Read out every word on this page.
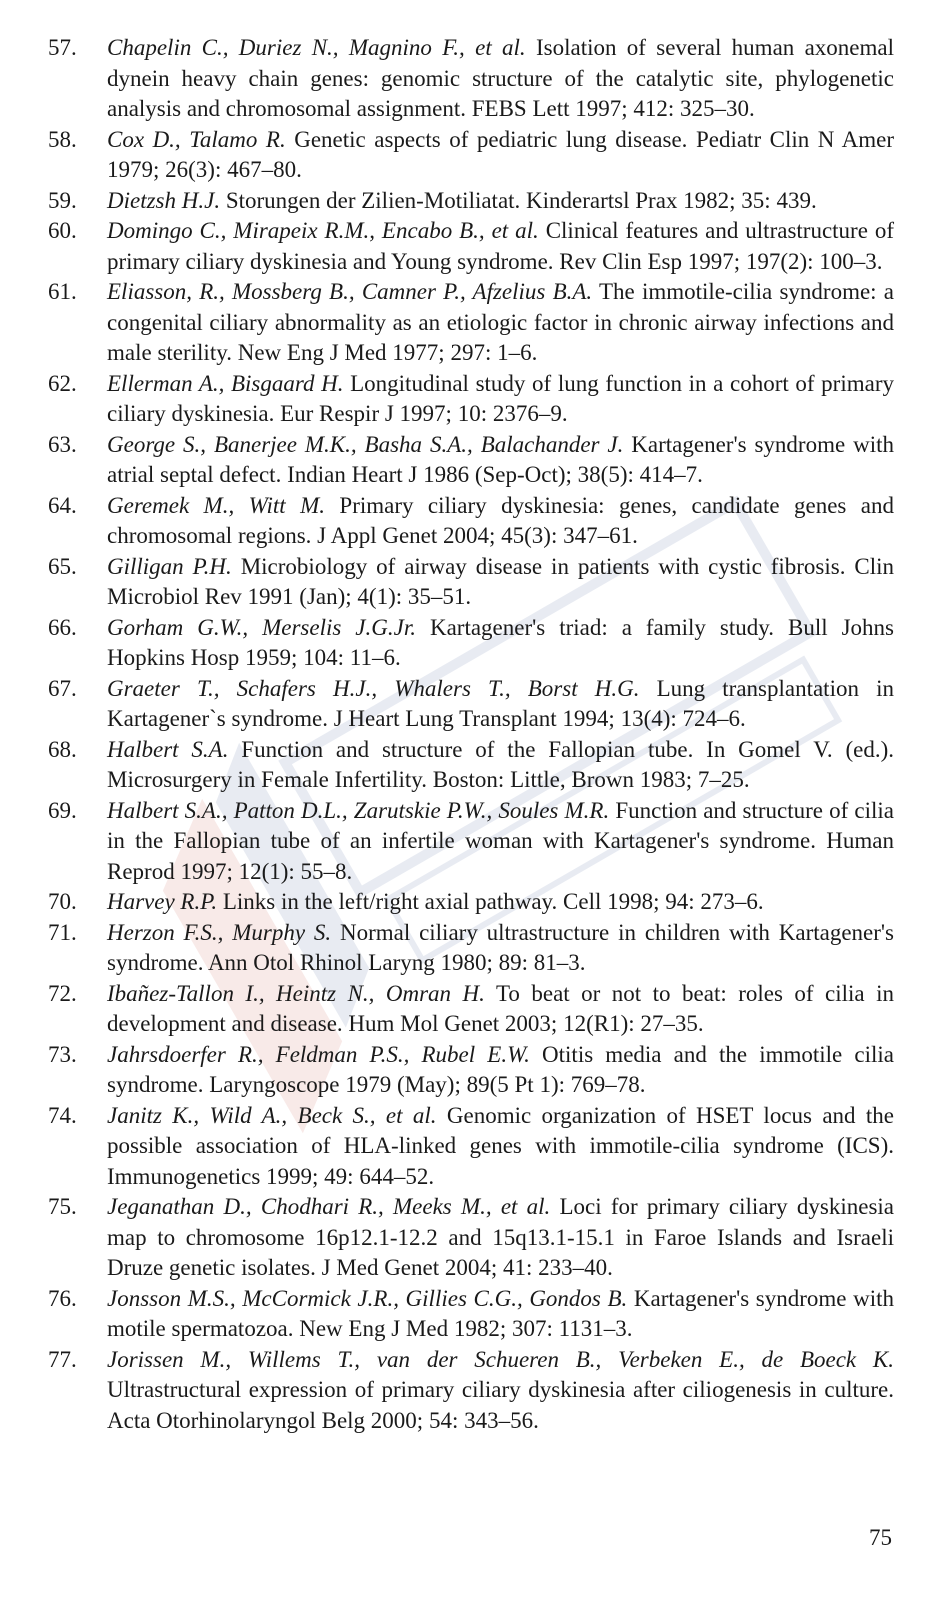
57. Chapelin C., Duriez N., Magnino F., et al. Isolation of several human axonemal dynein heavy chain genes: genomic structure of the catalytic site, phylogenetic analysis and chromosomal assignment. FEBS Lett 1997; 412: 325–30.

58. Cox D., Talamo R. Genetic aspects of pediatric lung disease. Pediatr Clin N Amer 1979; 26(3): 467–80.

59. Dietzsh H.J. Storungen der Zilien-Motiliatat. Kinderartsl Prax 1982; 35: 439.

60. Domingo C., Mirapeix R.M., Encabo B., et al. Clinical features and ultrastructure of primary ciliary dyskinesia and Young syndrome. Rev Clin Esp 1997; 197(2): 100–3.

61. Eliasson, R., Mossberg B., Camner P., Afzelius B.A. The immotile-cilia syndrome: a congenital ciliary abnormality as an etiologic factor in chronic airway infections and male sterility. New Eng J Med 1977; 297: 1–6.

62. Ellerman A., Bisgaard H. Longitudinal study of lung function in a cohort of primary ciliary dyskinesia. Eur Respir J 1997; 10: 2376–9.

63. George S., Banerjee M.K., Basha S.A., Balachander J. Kartagener's syndrome with atrial septal defect. Indian Heart J 1986 (Sep-Oct); 38(5): 414–7.

64. Geremek M., Witt M. Primary ciliary dyskinesia: genes, candidate genes and chromosomal regions. J Appl Genet 2004; 45(3): 347–61.

65. Gilligan P.H. Microbiology of airway disease in patients with cystic fibrosis. Clin Microbiol Rev 1991 (Jan); 4(1): 35–51.

66. Gorham G.W., Merselis J.G.Jr. Kartagener's triad: a family study. Bull Johns Hopkins Hosp 1959; 104: 11–6.

67. Graeter T., Schafers H.J., Whalers T., Borst H.G. Lung transplantation in Kartagener`s syndrome. J Heart Lung Transplant 1994; 13(4): 724–6.

68. Halbert S.A. Function and structure of the Fallopian tube. In Gomel V. (ed.). Microsurgery in Female Infertility. Boston: Little, Brown 1983; 7–25.

69. Halbert S.A., Patton D.L., Zarutskie P.W., Soules M.R. Function and structure of cilia in the Fallopian tube of an infertile woman with Kartagener's syndrome. Human Reprod 1997; 12(1): 55–8.

70. Harvey R.P. Links in the left/right axial pathway. Cell 1998; 94: 273–6.

71. Herzon F.S., Murphy S. Normal ciliary ultrastructure in children with Kartagener's syndrome. Ann Otol Rhinol Laryng 1980; 89: 81–3.

72. Ibañez-Tallon I., Heintz N., Omran H. To beat or not to beat: roles of cilia in development and disease. Hum Mol Genet 2003; 12(R1): 27–35.

73. Jahrsdoerfer R., Feldman P.S., Rubel E.W. Otitis media and the immotile cilia syndrome. Laryngoscope 1979 (May); 89(5 Pt 1): 769–78.

74. Janitz K., Wild A., Beck S., et al. Genomic organization of HSET locus and the possible association of HLA-linked genes with immotile-cilia syndrome (ICS). Immunogenetics 1999; 49: 644–52.

75. Jeganathan D., Chodhari R., Meeks M., et al. Loci for primary ciliary dyskinesia map to chromosome 16p12.1-12.2 and 15q13.1-15.1 in Faroe Islands and Israeli Druze genetic isolates. J Med Genet 2004; 41: 233–40.

76. Jonsson M.S., McCormick J.R., Gillies C.G., Gondos B. Kartagener's syndrome with motile spermatozoa. New Eng J Med 1982; 307: 1131–3.

77. Jorissen M., Willems T., van der Schueren B., Verbeken E., de Boeck K. Ultrastructural expression of primary ciliary dyskinesia after ciliogenesis in culture. Acta Otorhinolaryngol Belg 2000; 54: 343–56.

75
